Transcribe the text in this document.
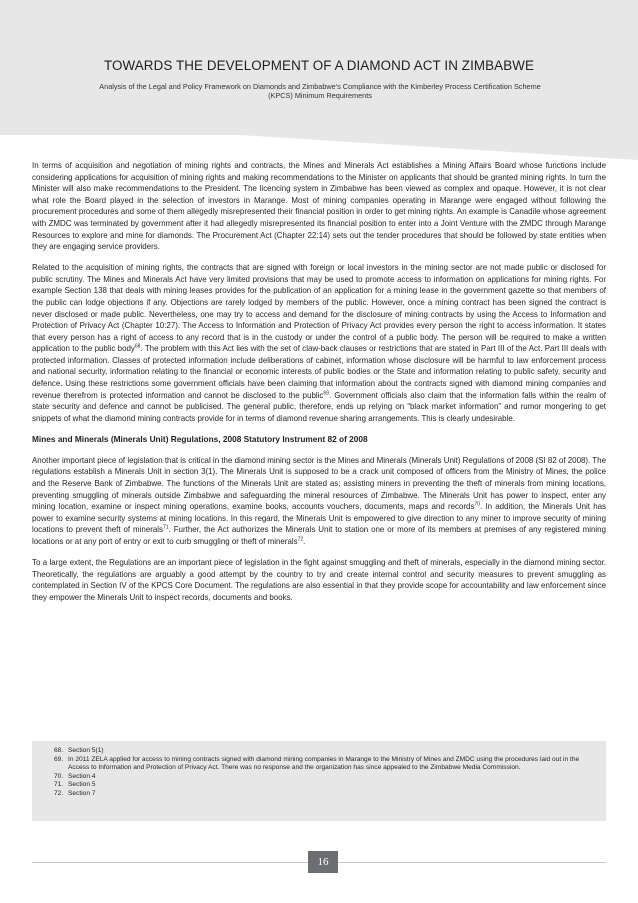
TOWARDS THE DEVELOPMENT OF A DIAMOND ACT IN ZIMBABWE
Analysis of the Legal and Policy Framework on Diamonds and Zimbabwe's Compliance with the Kimberley Process Certification Scheme (KPCS) Minimum Requirements

In terms of acquisition and negotiation of mining rights and contracts, the Mines and Minerals Act establishes a Mining Affairs Board whose functions include considering applications for acquisition of mining rights and making recommendations to the Minister on applicants that should be granted mining rights. In turn the Minister will also make recommendations to the President. The licencing system in Zimbabwe has been viewed as complex and opaque. However, it is not clear what role the Board played in the selection of investors in Marange. Most of mining companies operating in Marange were engaged without following the procurement procedures and some of them allegedly misrepresented their financial position in order to get mining rights. An example is Canadile whose agreement with ZMDC was terminated by government after it had allegedly misrepresented its financial position to enter into a Joint Venture with the ZMDC through Marange Resources to explore and mine for diamonds. The Procurement Act (Chapter 22:14) sets out the tender procedures that should be followed by state entities when they are engaging service providers.

Related to the acquisition of mining rights, the contracts that are signed with foreign or local investors in the mining sector are not made public or disclosed for public scrutiny. The Mines and Minerals Act have very limited provisions that may be used to promote access to information on applications for mining rights. For example Section 138 that deals with mining leases provides for the publication of an application for a mining lease in the government gazette so that members of the public can lodge objections if any. Objections are rarely lodged by members of the public. However, once a mining contract has been signed the contract is never disclosed or made public. Nevertheless, one may try to access and demand for the disclosure of mining contracts by using the Access to Information and Protection of Privacy Act (Chapter 10:27). The Access to Information and Protection of Privacy Act provides every person the right to access information. It states that every person has a right of access to any record that is in the custody or under the control of a public body. The person will be required to make a written application to the public body$^{68}$. The problem with this Act lies with the set of claw-back clauses or restrictions that are stated in Part III of the Act. Part III deals with protected information. Classes of protected information include deliberations of cabinet, information whose disclosure will be harmful to law enforcement process and national security, information relating to the financial or economic interests of public bodies or the State and information relating to public safety, security and defence. Using these restrictions some government officials have been claiming that information about the contracts signed with diamond mining companies and revenue therefrom is protected information and cannot be disclosed to the public$^{69}$. Government officials also claim that the information falls within the realm of state security and defence and cannot be publicised. The general public, therefore, ends up relying on “black market information” and rumor mongering to get snippets of what the diamond mining contracts provide for in terms of diamond revenue sharing arrangements. This is clearly undesirable.

Mines and Minerals (Minerals Unit) Regulations, 2008 Statutory Instrument 82 of 2008

Another important piece of legislation that is critical in the diamond mining sector is the Mines and Minerals (Minerals Unit) Regulations of 2008 (SI 82 of 2008). The regulations establish a Minerals Unit in section 3(1). The Minerals Unit is supposed to be a crack unit composed of officers from the Ministry of Mines, the police and the Reserve Bank of Zimbabwe. The functions of the Minerals Unit are stated as; assisting miners in preventing the theft of minerals from mining locations, preventing smuggling of minerals outside Zimbabwe and safeguarding the mineral resources of Zimbabwe. The Minerals Unit has power to inspect, enter any mining location, examine or inspect mining operations, examine books, accounts vouchers, documents, maps and records$^{70}$. In addition, the Minerals Unit has power to examine security systems at mining locations. In this regard, the Minerals Unit is empowered to give direction to any miner to improve security of mining locations to prevent theft of minerals$^{71}$. Further, the Act authorizes the Minerals Unit to station one or more of its members at premises of any registered mining locations or at any port of entry or exit to curb smuggling or theft of minerals$^{72}$.

To a large extent, the Regulations are an important piece of legislation in the fight against smuggling and theft of minerals, especially in the diamond mining sector. Theoretically, the regulations are arguably a good attempt by the country to try and create internal control and security measures to prevent smuggling as contemplated in Section IV of the KPCS Core Document. The regulations are also essential in that they provide scope for accountability and law enforcement since they empower the Minerals Unit to inspect records, documents and books.

68. Section 5(1)
69. In 2011 ZELA applied for access to mining contracts signed with diamond mining companies in Marange to the Ministry of Mines and ZMDC using the procedures laid out in the Access to Information and Protection of Privacy Act. There was no response and the organization has since appealed to the Zimbabwe Media Commission.
70. Section 4
71. Section 5
72. Section 7
16
